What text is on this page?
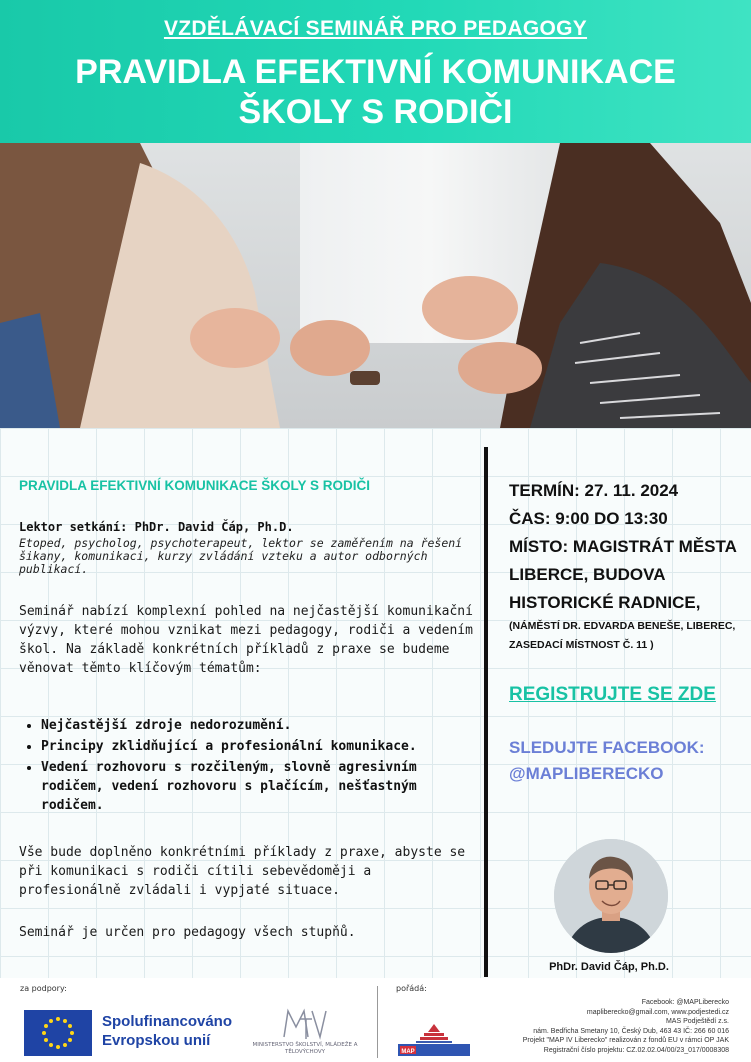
VZDĚLÁVACÍ SEMINÁŘ PRO PEDAGOGY
PRAVIDLA EFEKTIVNÍ KOMUNIKACE
ŠKOLY S RODIČI
PRAVIDLA EFEKTIVNÍ KOMUNIKACE ŠKOLY S RODIČI
Lektor setkání: PhDr. David Čáp, Ph.D.
Etoped, psycholog, psychoterapeut, lektor se zaměřením na řešení šikany, komunikaci, kurzy zvládání vzteku a autor odborných publikací.
Seminář nabízí komplexní pohled na nejčastější komunikační výzvy, které mohou vznikat mezi pedagogy, rodiči a vedením škol. Na základě konkrétních příkladů z praxe se budeme věnovat těmto klíčovým tématům:
• Nejčastější zdroje nedorozumění.
• Principy zklidňující a profesionální komunikace.
• Vedení rozhovoru s rozčileným, slovně agresivním rodičem, vedení rozhovoru s plačícím, nešťastným rodičem.
Vše bude doplněno konkrétními příklady z praxe, abyste se při komunikaci s rodiči cítili sebevědoměji a profesionálně zvládali i vypjaté situace.
Seminář je určen pro pedagogy všech stupňů.
TERMÍN: 27. 11. 2024
ČAS: 9:00 DO 13:30
MÍSTO: MAGISTRÁT MĚSTA LIBERCE, BUDOVA HISTORICKÉ RADNICE,
(NÁMĚSTÍ DR. EDVARDA BENEŠE, LIBEREC, ZASEDACÍ MÍSTNOST Č. 11 )
REGISTRUJTE SE ZDE
SLEDUJTE FACEBOOK:
@MAPLIBERECKO
PhDr. David Čáp, Ph.D.
za podpory:	pořádá:
Spolufinancováno
Evropskou unií	MINISTERSTVO ŠKOLSTVÍ, MLÁDEŽE A TĚLOVÝCHOVY	MAP
Facebook: @MAPLiberecko
mapliberecko@gmail.com, www.podjestedi.cz
MAS Podještědí z.s.
nám. Bedřicha Smetany 10, Český Dub, 463 43 IČ: 266 60 016
Projekt "MAP IV Liberecko" realizován z fondů EU v rámci OP JAK
Registrační číslo projektu: CZ.02.02.04/00/23_017/0008308
